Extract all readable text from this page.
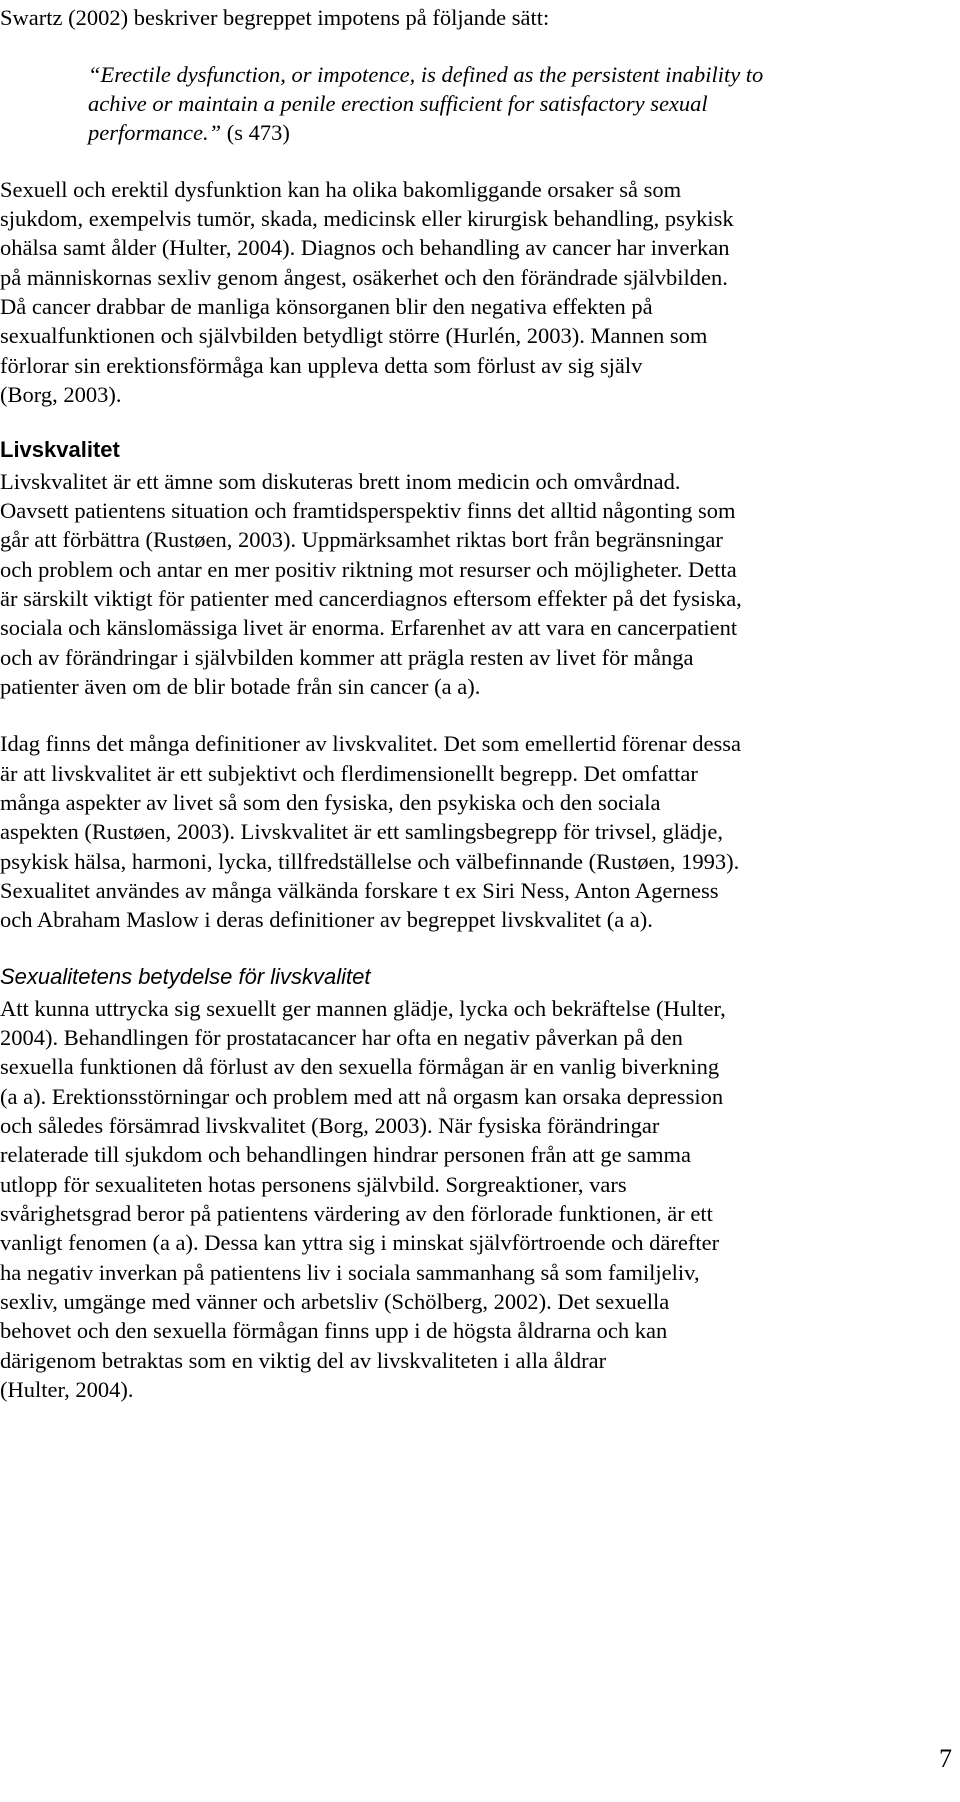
Swartz (2002) beskriver begreppet impotens på följande sätt:
“Erectile dysfunction, or impotence, is defined as the persistent inability to
achive or maintain a penile erection sufficient for satisfactory sexual
performance.” (s 473)
Sexuell och erektil dysfunktion kan ha olika bakomliggande orsaker så som
sjukdom, exempelvis tumör, skada, medicinsk eller kirurgisk behandling, psykisk
ohälsa samt ålder (Hulter, 2004). Diagnos och behandling av cancer har inverkan
på människornas sexliv genom ångest, osäkerhet och den förändrade självbilden.
Då cancer drabbar de manliga könsorganen blir den negativa effekten på
sexualfunktionen och självbilden betydligt större (Hurlén, 2003). Mannen som
förlorar sin erektionsförmåga kan uppleva detta som förlust av sig själv
(Borg, 2003).
Livskvalitet
Livskvalitet är ett ämne som diskuteras brett inom medicin och omvårdnad.
Oavsett patientens situation och framtidsperspektiv finns det alltid någonting som
går att förbättra (Rustøen, 2003). Uppmärksamhet riktas bort från begränsningar
och problem och antar en mer positiv riktning mot resurser och möjligheter. Detta
är särskilt viktigt för patienter med cancerdiagnos eftersom effekter på det fysiska,
sociala och känslomässiga livet är enorma. Erfarenhet av att vara en cancerpatient
och av förändringar i självbilden kommer att prägla resten av livet för många
patienter även om de blir botade från sin cancer (a a).
Idag finns det många definitioner av livskvalitet. Det som emellertid förenar dessa
är att livskvalitet är ett subjektivt och flerdimensionellt begrepp. Det omfattar
många aspekter av livet så som den fysiska, den psykiska och den sociala
aspekten (Rustøen, 2003). Livskvalitet är ett samlingsbegrepp för trivsel, glädje,
psykisk hälsa, harmoni, lycka, tillfredställelse och välbefinnande (Rustøen, 1993).
Sexualitet användes av många välkända forskare t ex Siri Ness, Anton Agerness
och Abraham Maslow i deras definitioner av begreppet livskvalitet (a a).
Sexualitetens betydelse för livskvalitet
Att kunna uttrycka sig sexuellt ger mannen glädje, lycka och bekräftelse (Hulter,
2004). Behandlingen för prostatacancer har ofta en negativ påverkan på den
sexuella funktionen då förlust av den sexuella förmågan är en vanlig biverkning
(a a). Erektionsstörningar och problem med att nå orgasm kan orsaka depression
och således försämrad livskvalitet (Borg, 2003). När fysiska förändringar
relaterade till sjukdom och behandlingen hindrar personen från att ge samma
utlopp för sexualiteten hotas personens självbild. Sorgreaktioner, vars
svårighetsgrad beror på patientens värdering av den förlorade funktionen, är ett
vanligt fenomen (a a). Dessa kan yttra sig i minskat självförtroende och därefter
ha negativ inverkan på patientens liv i sociala sammanhang så som familjeliv,
sexliv, umgänge med vänner och arbetsliv (Schölberg, 2002). Det sexuella
behovet och den sexuella förmågan finns upp i de högsta åldrarna och kan
därigenom betraktas som en viktig del av livskvaliteten i alla åldrar
(Hulter, 2004).
7
